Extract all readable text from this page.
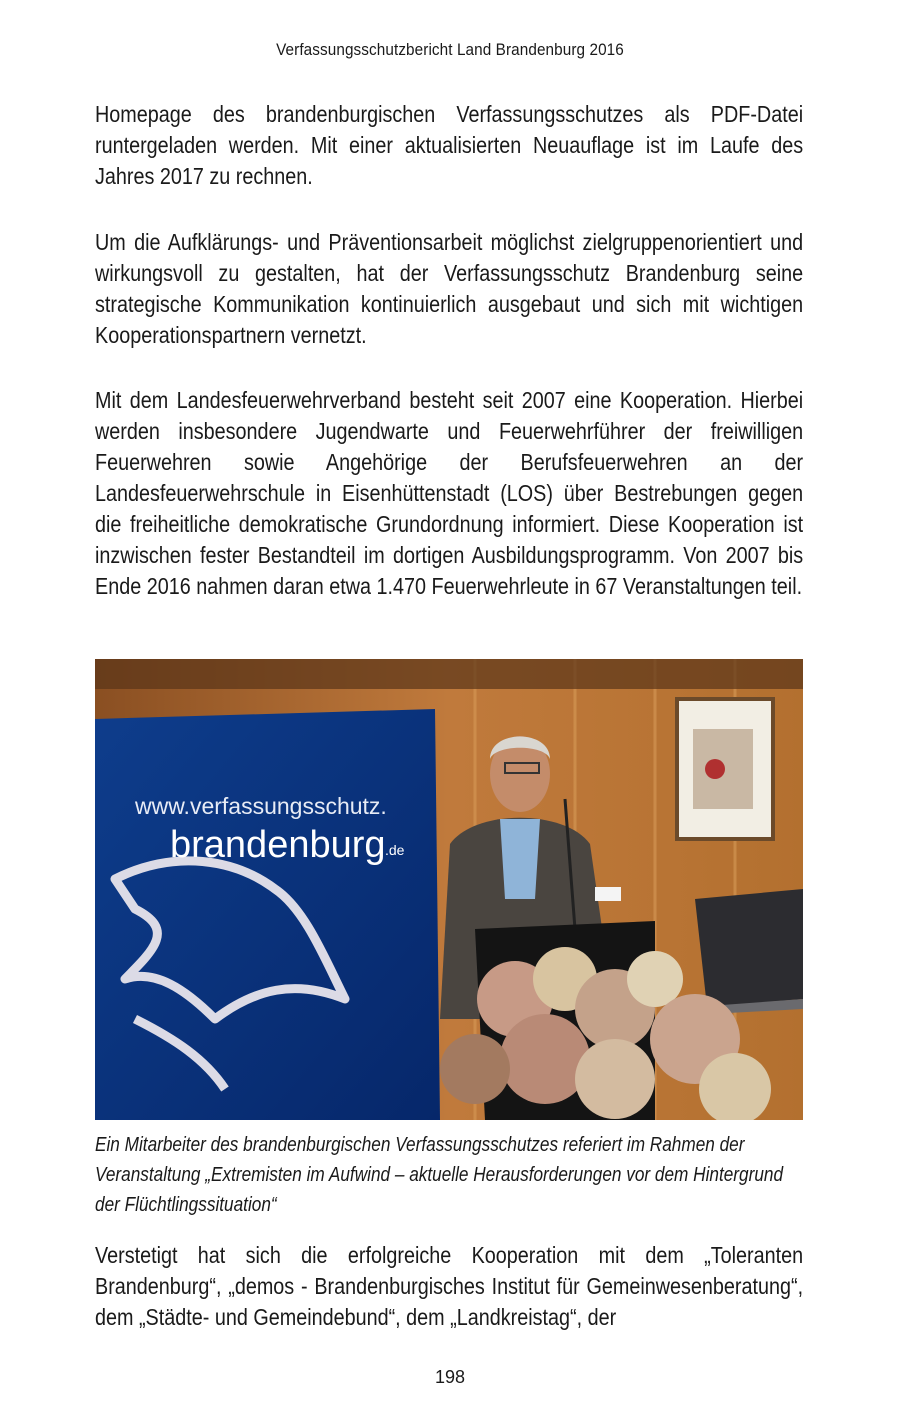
Verfassungsschutzbericht Land Brandenburg 2016

Homepage des brandenburgischen Verfassungsschutzes als PDF-Datei runtergeladen werden. Mit einer aktualisierten Neuauflage ist im Laufe des Jahres 2017 zu rechnen.

Um die Aufklärungs- und Präventionsarbeit möglichst zielgruppenorientiert und wirkungsvoll zu gestalten, hat der Verfassungsschutz Brandenburg seine strategische Kommunikation kontinuierlich ausgebaut und sich mit wichtigen Kooperationspartnern vernetzt.

Mit dem Landesfeuerwehrverband besteht seit 2007 eine Kooperation. Hierbei werden insbesondere Jugendwarte und Feuerwehrführer der freiwilligen Feuerwehren sowie Angehörige der Berufsfeuerwehren an der Landesfeuerwehrschule in Eisenhüttenstadt (LOS) über Bestrebungen gegen die freiheitliche demokratische Grundordnung informiert. Diese Kooperation ist inzwischen fester Bestandteil im dortigen Ausbildungsprogramm. Von 2007 bis Ende 2016 nahmen daran etwa 1.470 Feuerwehrleute in 67 Veranstaltungen teil.

www.verfassungsschutz.
brandenburg .de

Ein Mitarbeiter des brandenburgischen Verfassungsschutzes referiert im Rahmen der Veranstaltung „Extremisten im Aufwind – aktuelle Herausforderungen vor dem Hintergrund der Flüchtlingssituation“

Verstetigt hat sich die erfolgreiche Kooperation mit dem „Toleranten Brandenburg“, „demos - Brandenburgisches Institut für Gemeinwesenberatung“, dem „Städte- und Gemeindebund“, dem „Landkreistag“, der

198
